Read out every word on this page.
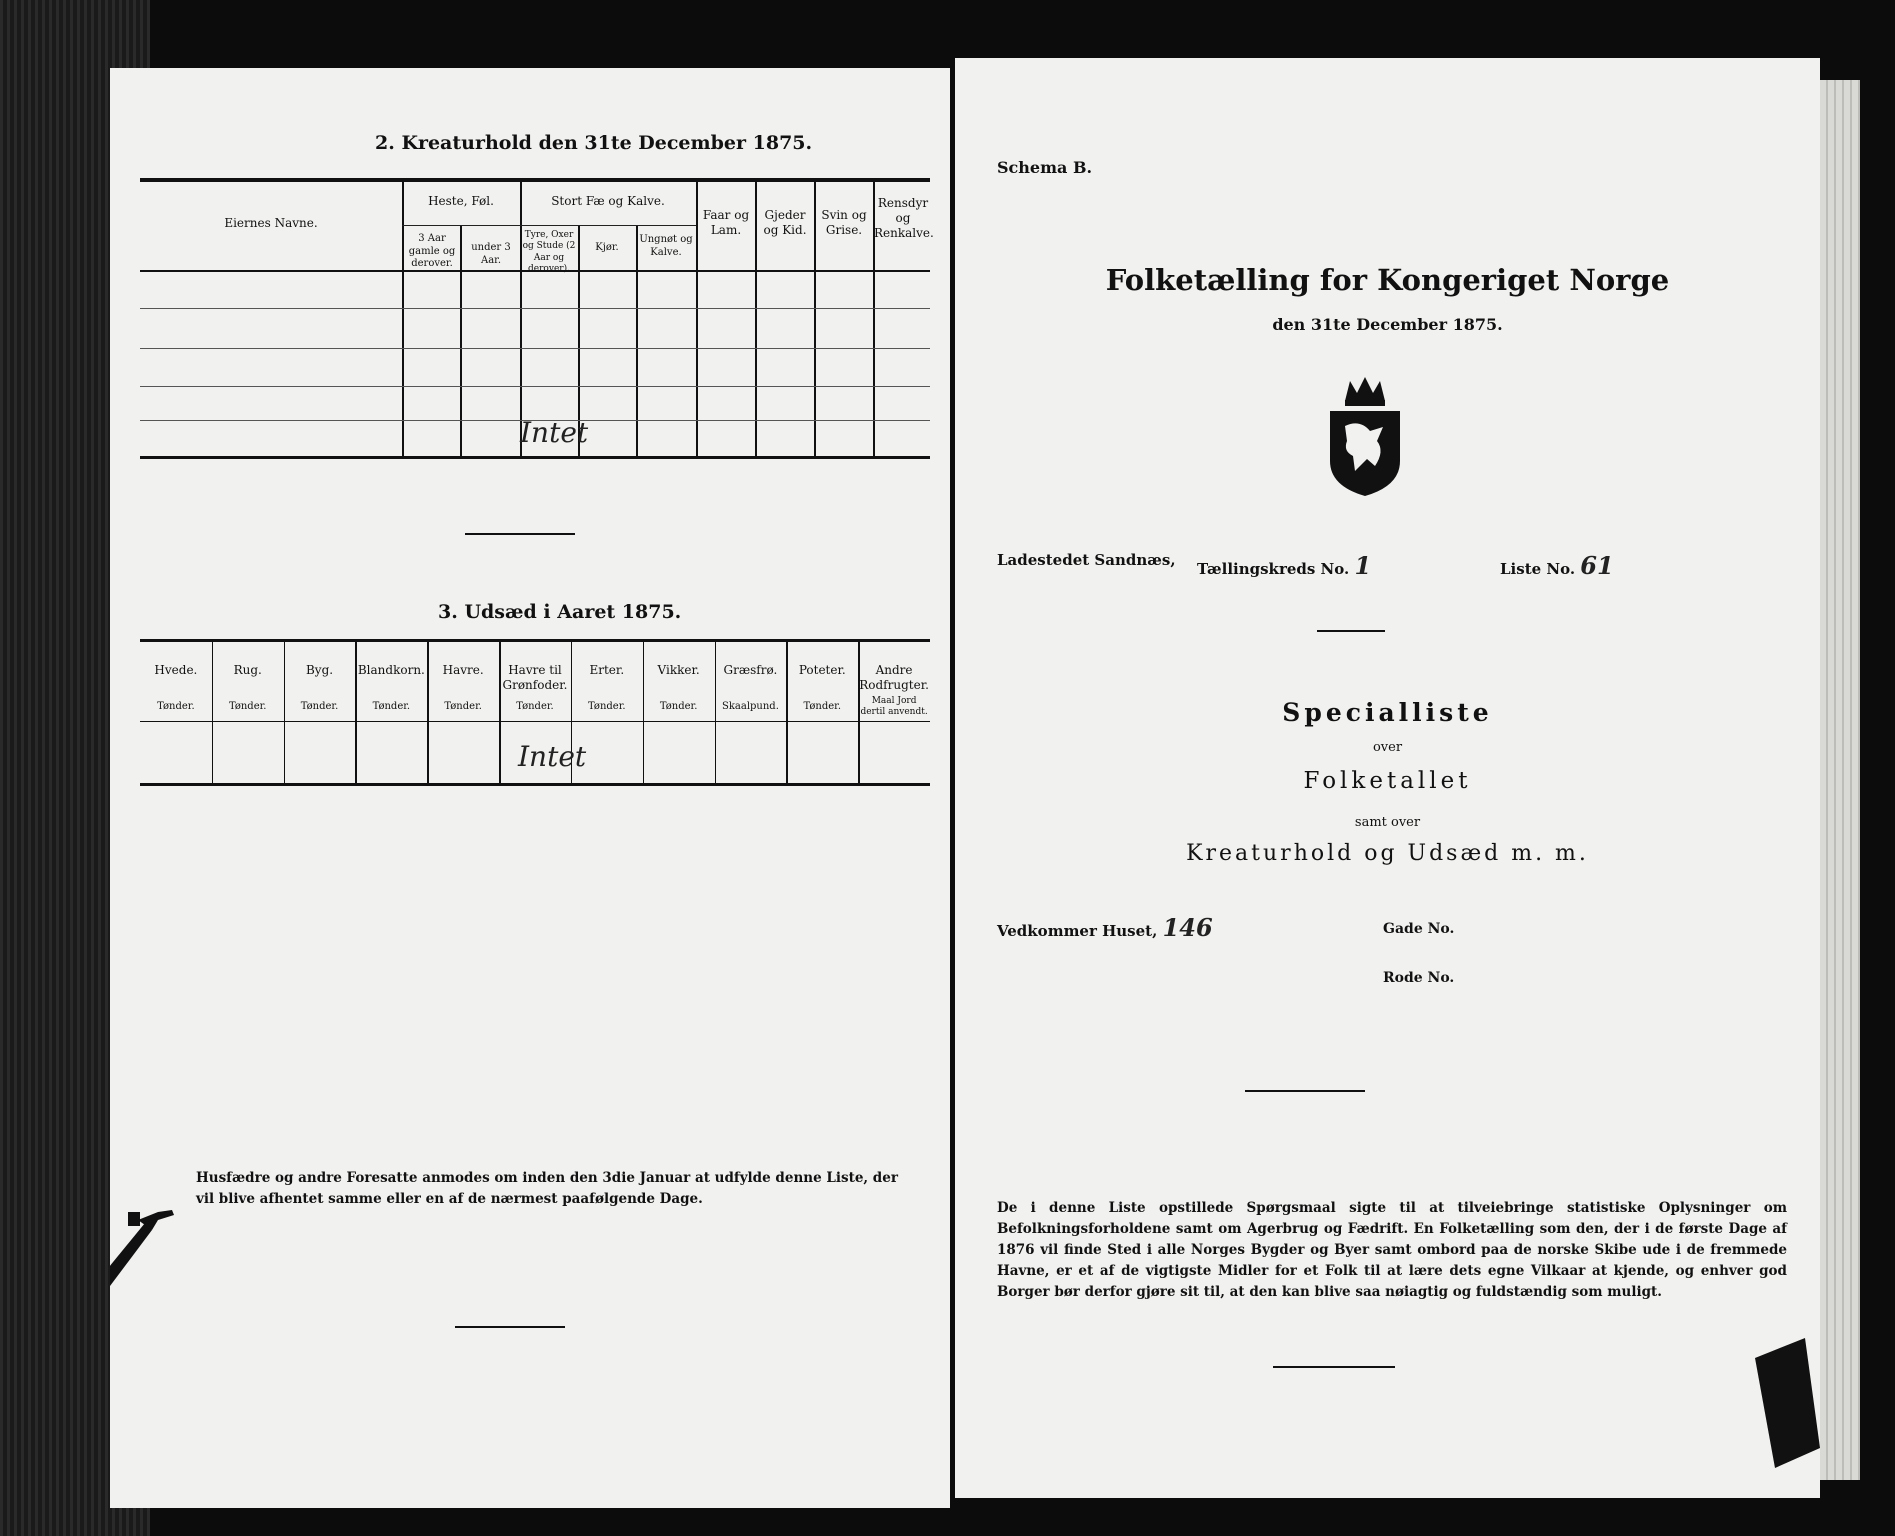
2. Kreaturhold den 31te December 1875.
Eiernes Navne.
Heste, Føl.
3 Aar gamle og derover.
under 3 Aar.
Stort Fæ og Kalve.
Tyre, Oxer og Stude (2 Aar og derover).
Kjør.
Ungnøt og Kalve.
Faar og Lam.
Gjeder og Kid.
Svin og Grise.
Rensdyr og Renkalve.
Intet
3. Udsæd i Aaret 1875.
Hvede.
Tønder.
Rug.
Tønder.
Byg.
Tønder.
Blandkorn.
Tønder.
Havre.
Tønder.
Havre til Grønfoder.
Tønder.
Erter.
Tønder.
Vikker.
Tønder.
Græsfrø.
Skaalpund.
Poteter.
Tønder.
Andre Rodfrugter.
Maal Jord dertil anvendt.
Intet
Husfædre og andre Foresatte anmodes om inden den 3die Januar at udfylde denne Liste, der vil blive afhentet samme eller en af de nærmest paafølgende Dage.
Schema B.
Folketælling for Kongeriget Norge
den 31te December 1875.
Ladestedet Sandnæs, Tællingskreds No. 1	Liste No. 61
Specialliste
over
Folketallet
samt over
Kreaturhold og Udsæd m. m.
Vedkommer Huset, 146	Gade No.
Rode No.
De i denne Liste opstillede Spørgsmaal sigte til at tilveiebringe statistiske Oplysninger om Befolkningsforholdene samt om Agerbrug og Fædrift. En Folketælling som den, der i de første Dage af 1876 vil finde Sted i alle Norges Bygder og Byer samt ombord paa de norske Skibe ude i de fremmede Havne, er et af de vigtigste Midler for et Folk til at lære dets egne Vilkaar at kjende, og enhver god Borger bør derfor gjøre sit til, at den kan blive saa nøiagtig og fuldstændig som muligt.
